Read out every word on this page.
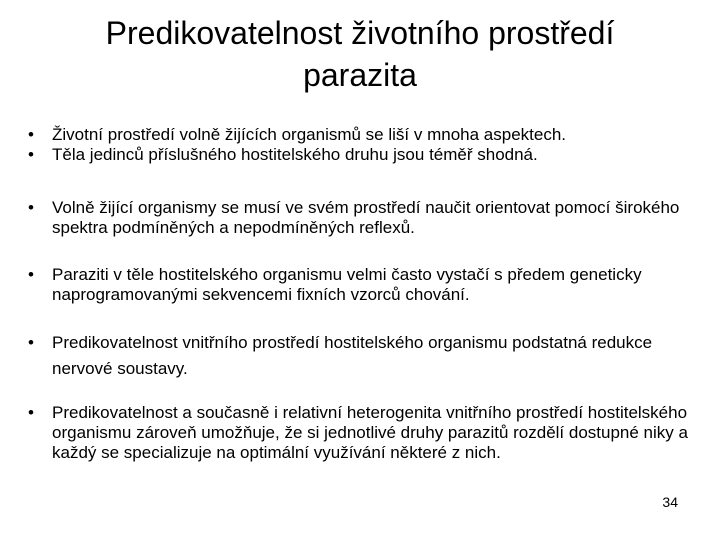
Predikovatelnost životního prostředí
parazita
•	Životní prostředí volně žijících organismů se liší v mnoha aspektech.
•	Těla jedinců příslušného hostitelského druhu jsou téměř shodná.
•	Volně žijící organismy se musí ve svém prostředí naučit orientovat pomocí širokého spektra podmíněných a nepodmíněných reflexů.
•	Paraziti v těle hostitelského organismu velmi často vystačí s předem geneticky naprogramovanými sekvencemi fixních vzorců chování.
•	Predikovatelnost vnitřního prostředí hostitelského organismu podstatná redukce nervové soustavy.
•	Predikovatelnost a současně i relativní heterogenita vnitřního prostředí hostitelského organismu zároveň umožňuje, že si jednotlivé druhy parazitů rozdělí dostupné niky a každý se specializuje na optimální využívání některé z nich.
34
